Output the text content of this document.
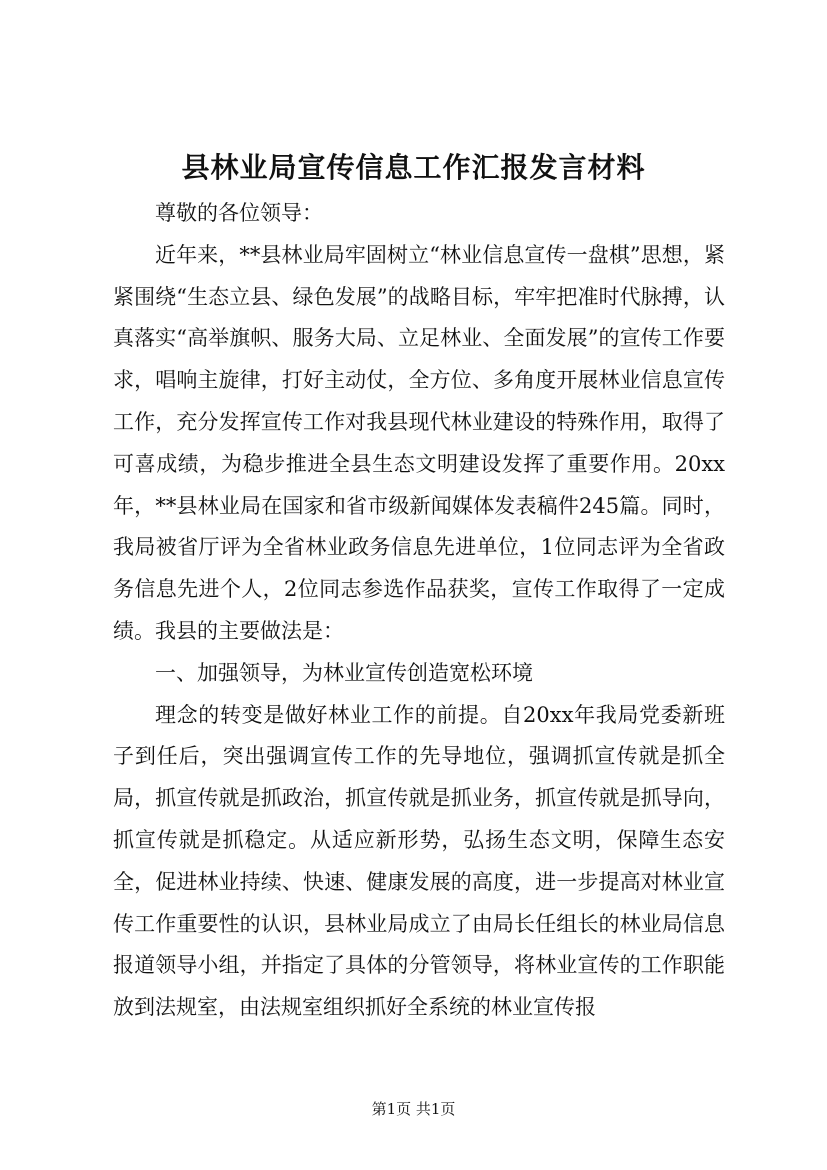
县林业局宣传信息工作汇报发言材料

尊敬的各位领导：

近年来，**县林业局牢固树立“林业信息宣传一盘棋”思想，紧紧围绕“生态立县、绿色发展”的战略目标，牢牢把准时代脉搏，认真落实“高举旗帜、服务大局、立足林业、全面发展”的宣传工作要求，唱响主旋律，打好主动仗，全方位、多角度开展林业信息宣传工作，充分发挥宣传工作对我县现代林业建设的特殊作用，取得了可喜成绩，为稳步推进全县生态文明建设发挥了重要作用。20xx年，**县林业局在国家和省市级新闻媒体发表稿件245篇。同时，我局被省厅评为全省林业政务信息先进单位，1位同志评为全省政务信息先进个人，2位同志参选作品获奖，宣传工作取得了一定成绩。我县的主要做法是：

一、加强领导，为林业宣传创造宽松环境

理念的转变是做好林业工作的前提。自20xx年我局党委新班子到任后，突出强调宣传工作的先导地位，强调抓宣传就是抓全局，抓宣传就是抓政治，抓宣传就是抓业务，抓宣传就是抓导向，抓宣传就是抓稳定。从适应新形势，弘扬生态文明，保障生态安全，促进林业持续、快速、健康发展的高度，进一步提高对林业宣传工作重要性的认识，县林业局成立了由局长任组长的林业局信息报道领导小组，并指定了具体的分管领导，将林业宣传的工作职能放到法规室，由法规室组织抓好全系统的林业宣传报

第1页 共1页
